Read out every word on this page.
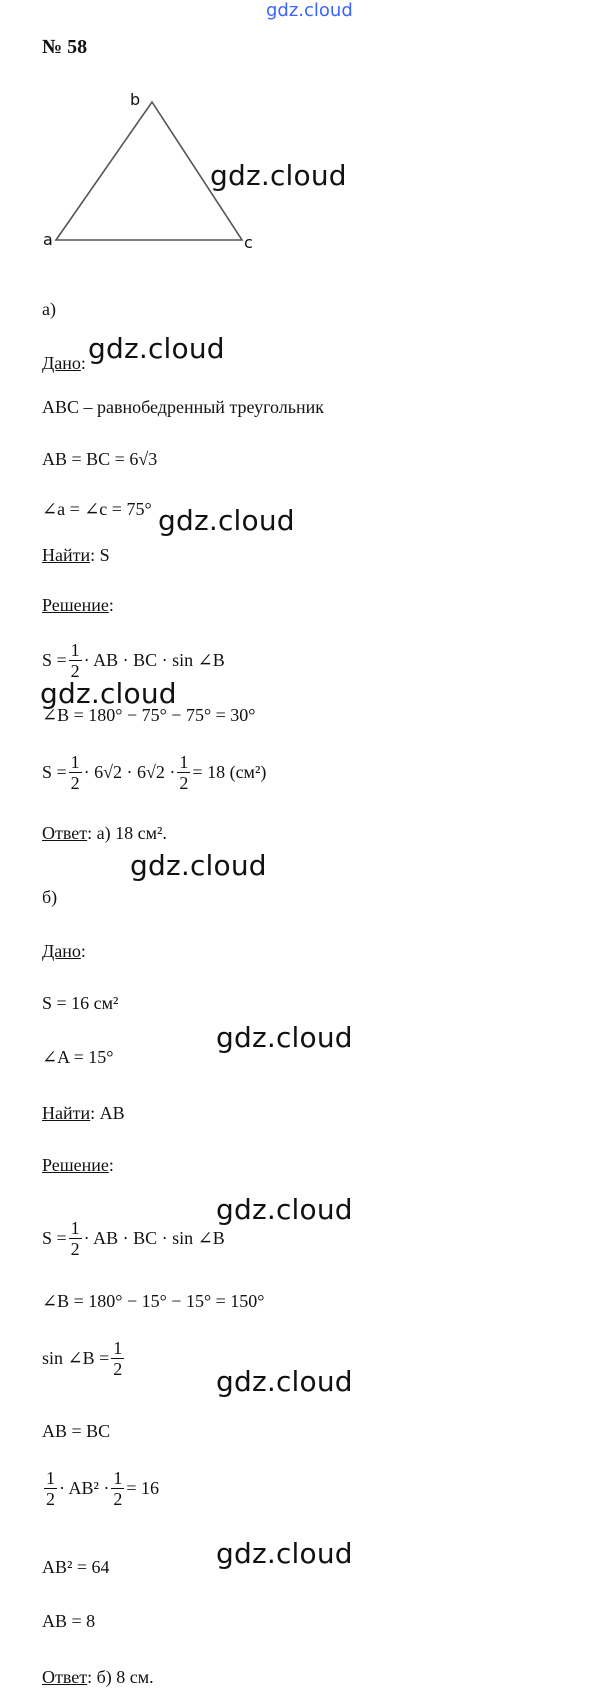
gdz.cloud
№ 58
b
a	c
gdz.cloud
а)
Дано: gdz.cloud
ABC – равнобедренный треугольник
AB = BC = 6√3
∠a = ∠c = 75° gdz.cloud
Найти: S
Решение:
$S = \frac{1}{2}$ · AB · BC · sin ∠B
gdz.cloud
∠B = 180° − 75° − 75° = 30°
$S = \frac{1}{2} \cdot 6√2 \cdot 6√2 \cdot \frac{1}{2} = 18$ (см²)
Ответ: а) 18 см².
gdz.cloud
б)
Дано:
S = 16 см²
gdz.cloud
∠A = 15°
Найти: AB
Решение:
gdz.cloud
$S = \frac{1}{2}$ · AB · BC · sin ∠B
∠B = 180° − 15° − 15° = 150°
sin ∠B = $\frac{1}{2}$
gdz.cloud
AB = BC
$\frac{1}{2} \cdot AB^2 \cdot \frac{1}{2} = 16$
gdz.cloud
AB² = 64
AB = 8
Ответ: б) 8 см.
